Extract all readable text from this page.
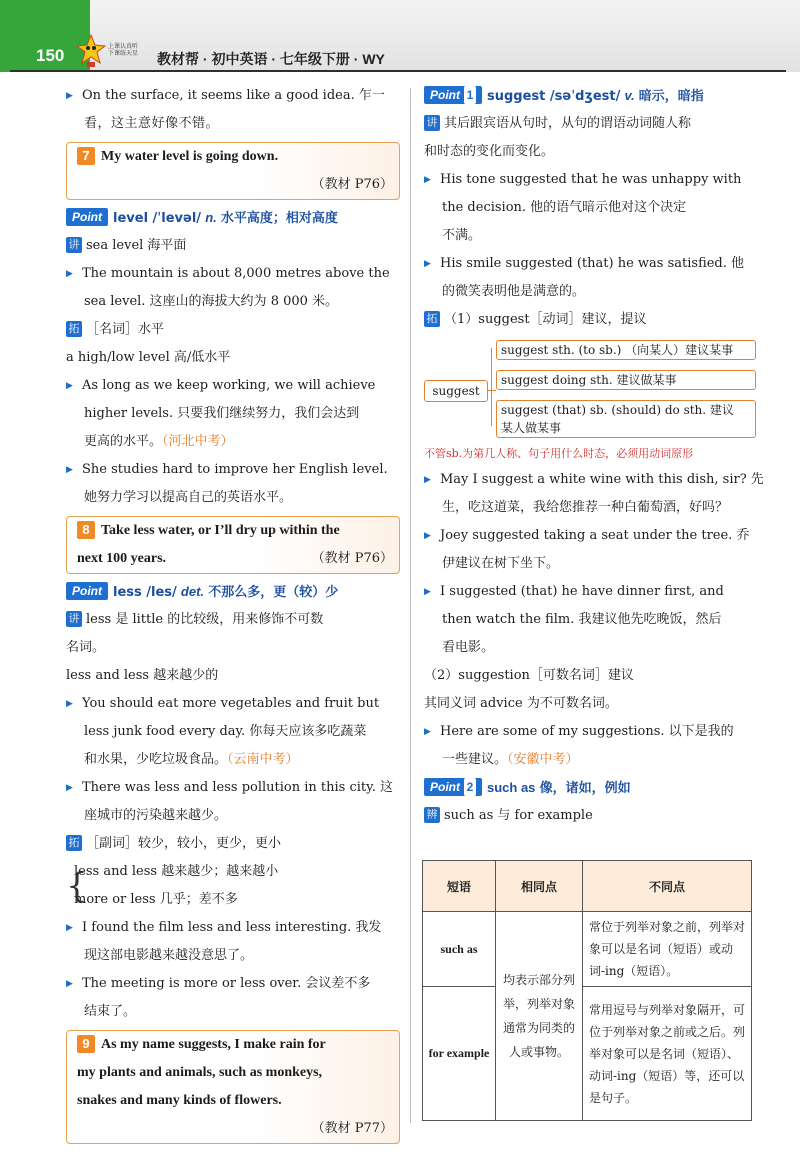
150	上课认真听
下课练天星 教材帮 · 初中英语 · 七年级下册 · WY
▶ On the surface, it seems like a good idea. 乍一
看，这主意好像不错。
7 My water level is going down.
（教材 P76）
Point level /ˈlevəl/ n. 水平高度；相对高度
讲 sea level 海平面
▶ The mountain is about 8,000 metres above the
sea level. 这座山的海拔大约为 8 000 米。
拓 ［名词］水平
a high/low level 高/低水平
▶ As long as we keep working, we will achieve
higher levels. 只要我们继续努力，我们会达到
更高的水平。（河北中考）
▶ She studies hard to improve her English level.
她努力学习以提高自己的英语水平。
8 Take less water, or I’ll dry up within the
next 100 years.	（教材 P76）
Point less /les/ det. 不那么多，更（较）少
讲 less 是 little 的比较级，用来修饰不可数
名词。
less and less 越来越少的
▶ You should eat more vegetables and fruit but
less junk food every day. 你每天应该多吃蔬菜
和水果，少吃垃圾食品。（云南中考）
▶ There was less and less pollution in this city. 这
座城市的污染越来越少。
拓 ［副词］较少，较小，更少，更小
{
less and less 越来越少；越来越小
more or less 几乎；差不多
▶ I found the film less and less interesting. 我发
现这部电影越来越没意思了。
▶ The meeting is more or less over. 会议差不多
结束了。
9 As my name suggests, I make rain for
my plants and animals, such as monkeys,
snakes and many kinds of flowers.
（教材 P77）
Point 1 suggest /səˈdʒest/ v. 暗示，暗指
讲 其后跟宾语从句时，从句的谓语动词随人称
和时态的变化而变化。
▶ His tone suggested that he was unhappy with
the decision. 他的语气暗示他对这个决定
不满。
▶ His smile suggested (that) he was satisfied. 他
的微笑表明他是满意的。
拓 （1）suggest［动词］建议，提议
suggest
suggest sth. (to sb.) （向某人）建议某事
suggest doing sth. 建议做某事
suggest (that) sb. (should) do sth. 建议
某人做某事
不管sb.为第几人称、句子用什么时态，必须用动词原形
▶ May I suggest a white wine with this dish, sir? 先
生，吃这道菜，我给您推荐一种白葡萄酒，好吗？
▶ Joey suggested taking a seat under the tree. 乔
伊建议在树下坐下。
▶ I suggested (that) he have dinner first, and
then watch the film. 我建议他先吃晚饭，然后
看电影。
（2）suggestion［可数名词］建议
其同义词 advice 为不可数名词。
▶ Here are some of my suggestions. 以下是我的
一些建议。（安徽中考）
Point 2 such as 像，诸如，例如
辨 such as 与 for example
短语	相同点	不同点
such as	均表示部分列举，列举对象通常为同类的人或事物。	常位于列举对象之前，列举对象可以是名词（短语）或动词-ing（短语）。
for example		常用逗号与列举对象隔开，可位于列举对象之前或之后。列举对象可以是名词（短语）、动词-ing（短语）等，还可以是句子。
